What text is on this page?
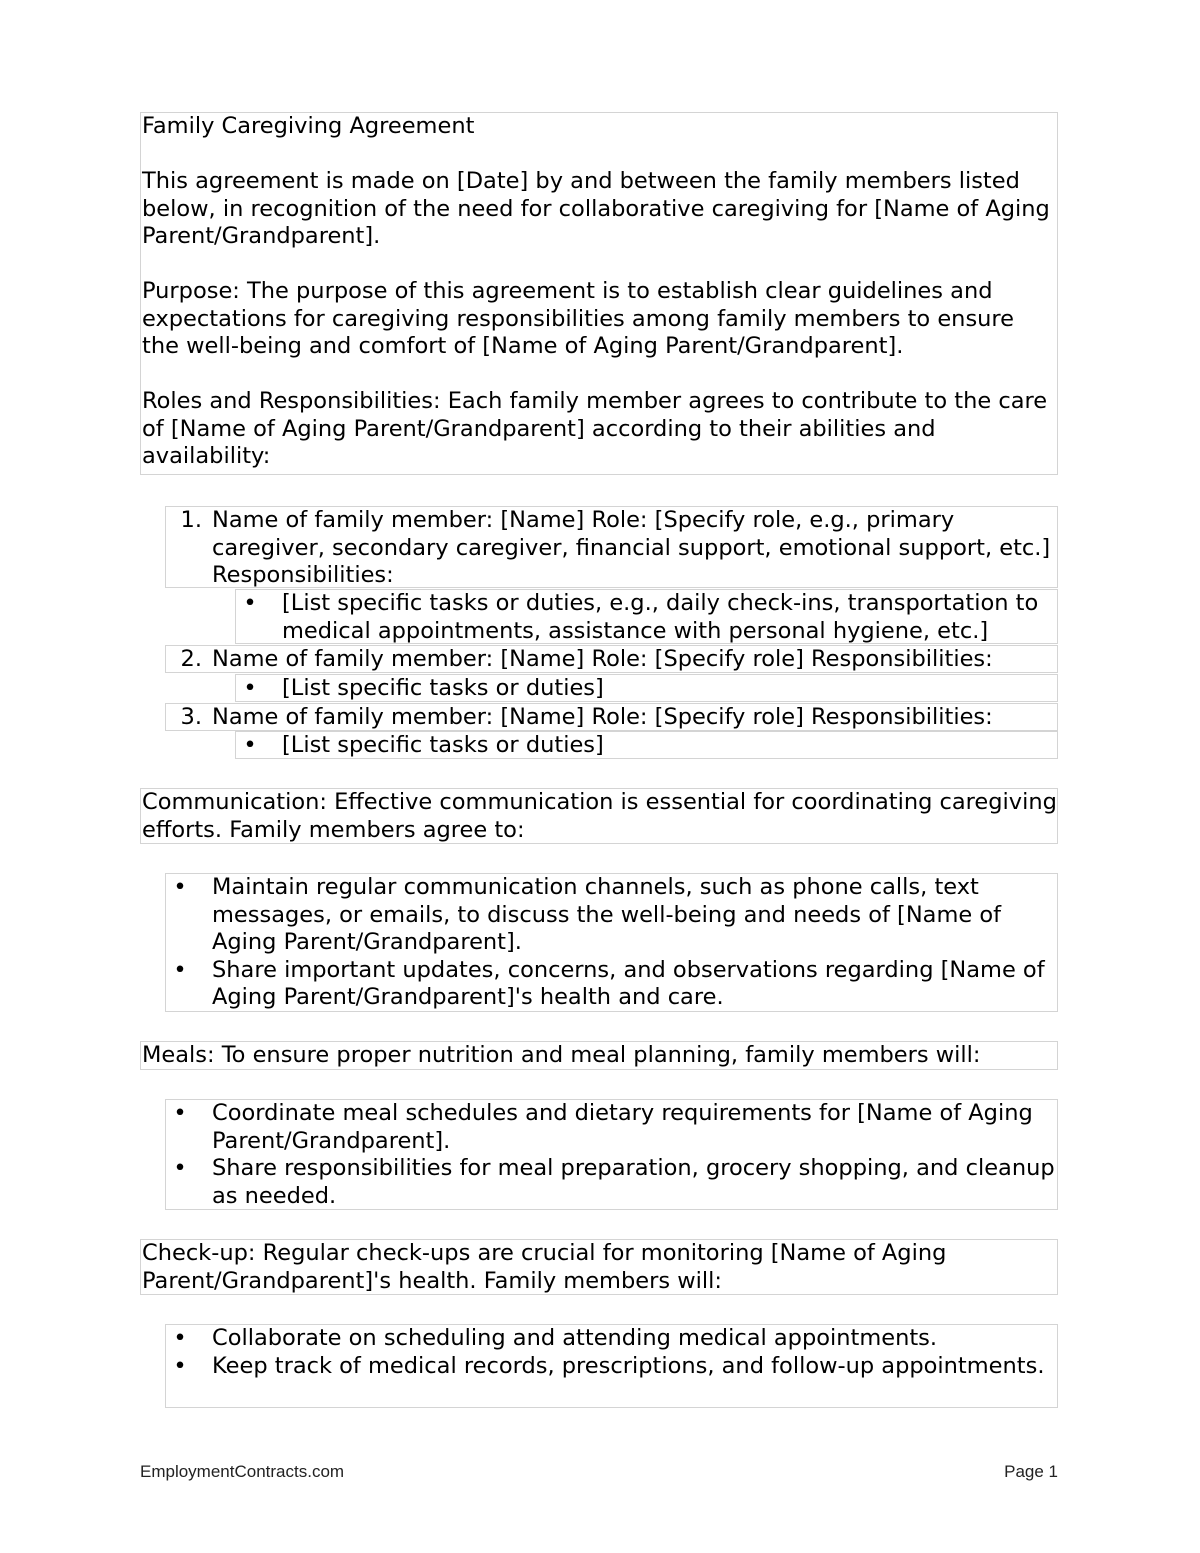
Family Caregiving Agreement

This agreement is made on [Date] by and between the family members listed below, in recognition of the need for collaborative caregiving for [Name of Aging Parent/Grandparent].

Purpose: The purpose of this agreement is to establish clear guidelines and expectations for caregiving responsibilities among family members to ensure the well-being and comfort of [Name of Aging Parent/Grandparent].

Roles and Responsibilities: Each family member agrees to contribute to the care of [Name of Aging Parent/Grandparent] according to their abilities and availability:

1. Name of family member: [Name] Role: [Specify role, e.g., primary caregiver, secondary caregiver, financial support, emotional support, etc.] Responsibilities:
•	[List specific tasks or duties, e.g., daily check-ins, transportation to medical appointments, assistance with personal hygiene, etc.]
2. Name of family member: [Name] Role: [Specify role] Responsibilities:
•	[List specific tasks or duties]
3. Name of family member: [Name] Role: [Specify role] Responsibilities:
•	[List specific tasks or duties]

Communication: Effective communication is essential for coordinating caregiving efforts. Family members agree to:

•	Maintain regular communication channels, such as phone calls, text messages, or emails, to discuss the well-being and needs of [Name of Aging Parent/Grandparent].
•	Share important updates, concerns, and observations regarding [Name of Aging Parent/Grandparent]'s health and care.

Meals: To ensure proper nutrition and meal planning, family members will:

•	Coordinate meal schedules and dietary requirements for [Name of Aging Parent/Grandparent].
•	Share responsibilities for meal preparation, grocery shopping, and cleanup as needed.

Check-up: Regular check-ups are crucial for monitoring [Name of Aging Parent/Grandparent]'s health. Family members will:

•	Collaborate on scheduling and attending medical appointments.
•	Keep track of medical records, prescriptions, and follow-up appointments.
EmploymentContracts.com	Page 1
